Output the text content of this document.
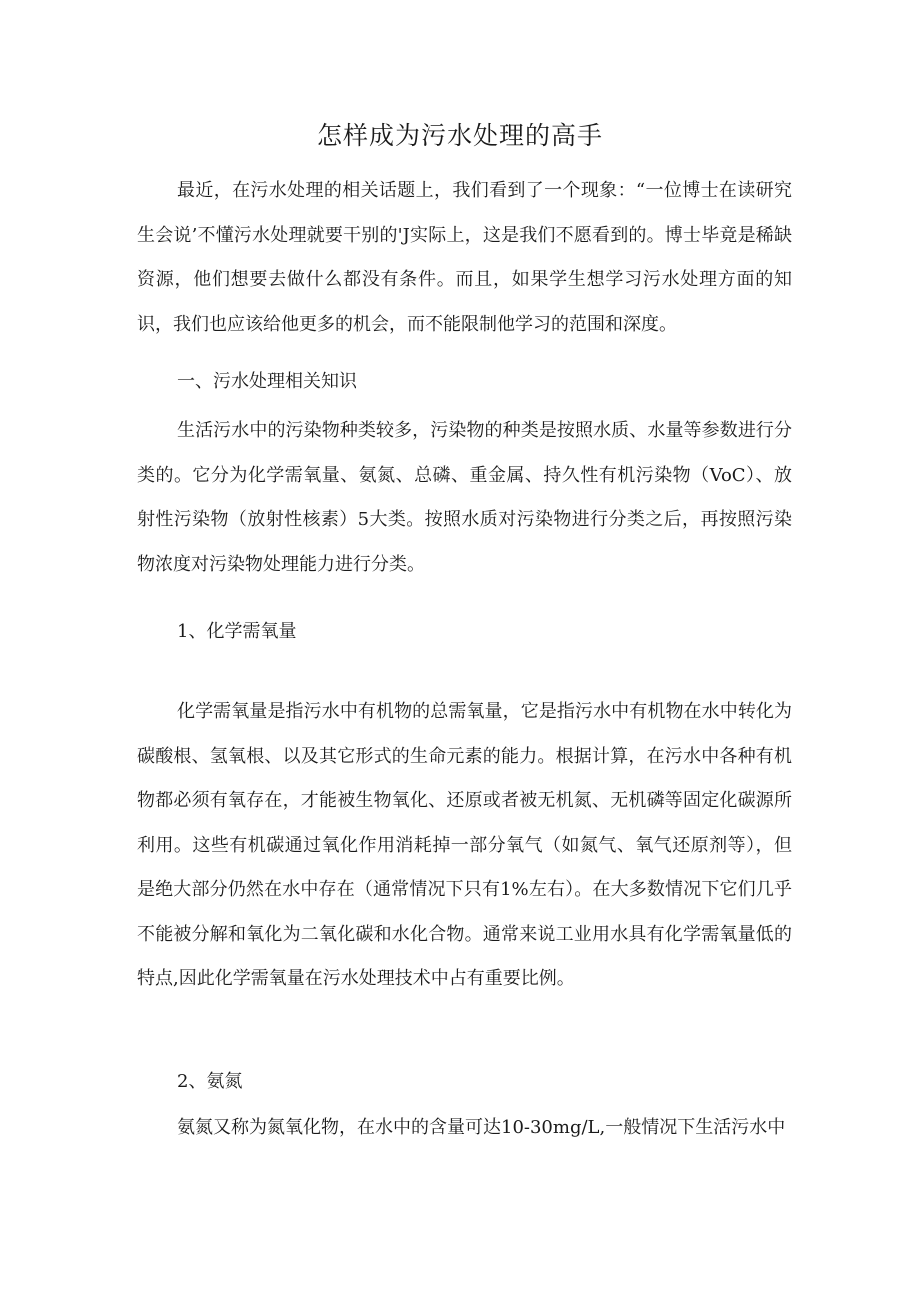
怎样成为污水处理的高手

最近，在污水处理的相关话题上，我们看到了一个现象：“一位博士在读研究生会说’不懂污水处理就要干别的'J实际上，这是我们不愿看到的。博士毕竟是稀缺资源，他们想要去做什么都没有条件。而且，如果学生想学习污水处理方面的知识，我们也应该给他更多的机会，而不能限制他学习的范围和深度。

一、污水处理相关知识

生活污水中的污染物种类较多，污染物的种类是按照水质、水量等参数进行分类的。它分为化学需氧量、氨氮、总磷、重金属、持久性有机污染物（VoC）、放射性污染物（放射性核素）5大类。按照水质对污染物进行分类之后，再按照污染物浓度对污染物处理能力进行分类。

1、化学需氧量

化学需氧量是指污水中有机物的总需氧量，它是指污水中有机物在水中转化为碳酸根、氢氧根、以及其它形式的生命元素的能力。根据计算，在污水中各种有机物都必须有氧存在，才能被生物氧化、还原或者被无机氮、无机磷等固定化碳源所利用。这些有机碳通过氧化作用消耗掉一部分氧气（如氮气、氧气还原剂等），但是绝大部分仍然在水中存在（通常情况下只有1%左右）。在大多数情况下它们几乎不能被分解和氧化为二氧化碳和水化合物。通常来说工业用水具有化学需氧量低的特点,因此化学需氧量在污水处理技术中占有重要比例。

2、氨氮

氨氮又称为氮氧化物，在水中的含量可达10-30mg∕L,一般情况下生活污水中
